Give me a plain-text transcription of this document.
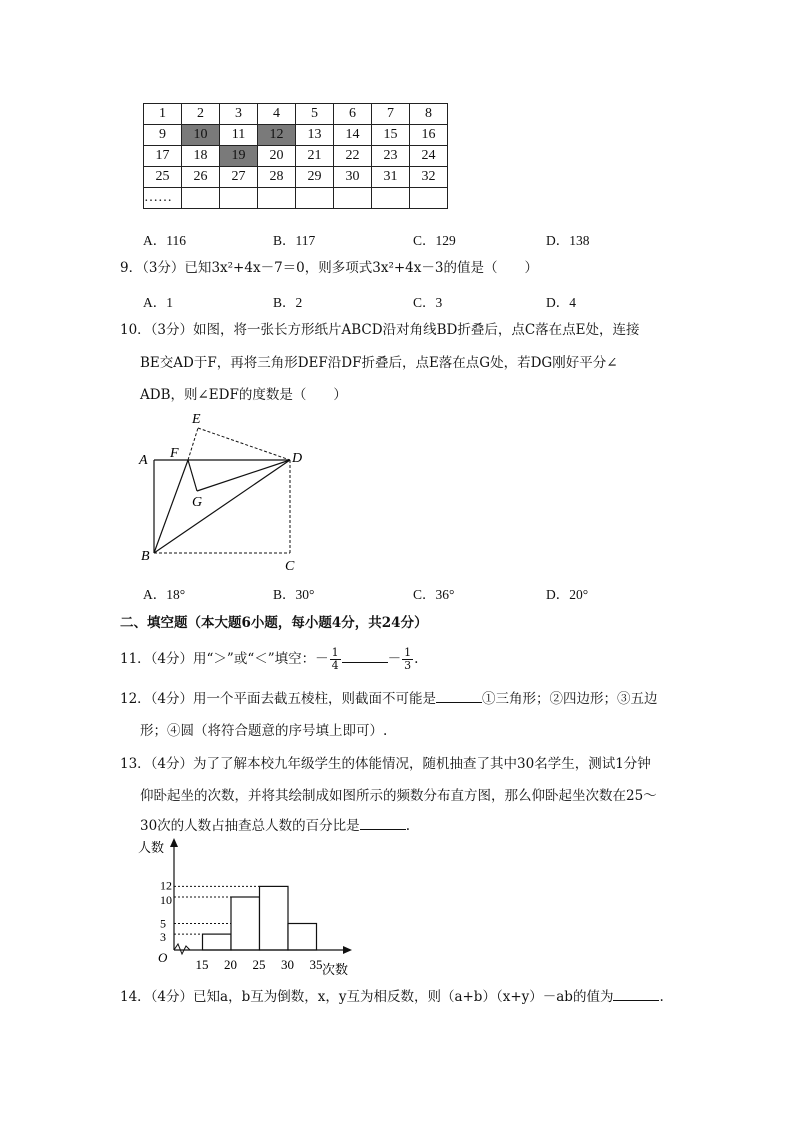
1	2	3	4	5	6	7	8
9	10	11	12	13	14	15	16
17	18	19	20	21	22	23	24
25	26	27	28	29	30	31	32
……							
A．116	B．117	C．129	D．138
9．（3分）已知3x²+4x－7＝0，则多项式3x²+4x－3的值是（　　）
A．1	B．2	C．3	D．4
10．（3分）如图，将一张长方形纸片ABCD沿对角线BD折叠后，点C落在点E处，连接
BE交AD于F，再将三角形DEF沿DF折叠后，点E落在点G处，若DG刚好平分∠
ADB，则∠EDF的度数是（　　）
A F
E
D
G
B
C
A．18°	B．30°	C．36°	D．20°
二、填空题（本大题6小题，每小题4分，共24分）
11．（4分）用“＞”或“＜”填空：－ $\frac{1}{4}$	－ $\frac{1}{3}$ .
12．（4分）用一个平面去截五棱柱，则截面不可能是	①三角形；②四边形；③五边
形；④圆（将符合题意的序号填上即可）.
13．（4分）为了了解本校九年级学生的体能情况，随机抽查了其中30名学生，测试1分钟
仰卧起坐的次数，并将其绘制成如图所示的频数分布直方图，那么仰卧起坐次数在25～
30次的人数占抽查总人数的百分比是	.
人数
次数
O 15 20 25 30 35
3
5
10
12
14．（4分）已知a，b互为倒数，x，y互为相反数，则（a+b）（x+y）－ab的值为	.
